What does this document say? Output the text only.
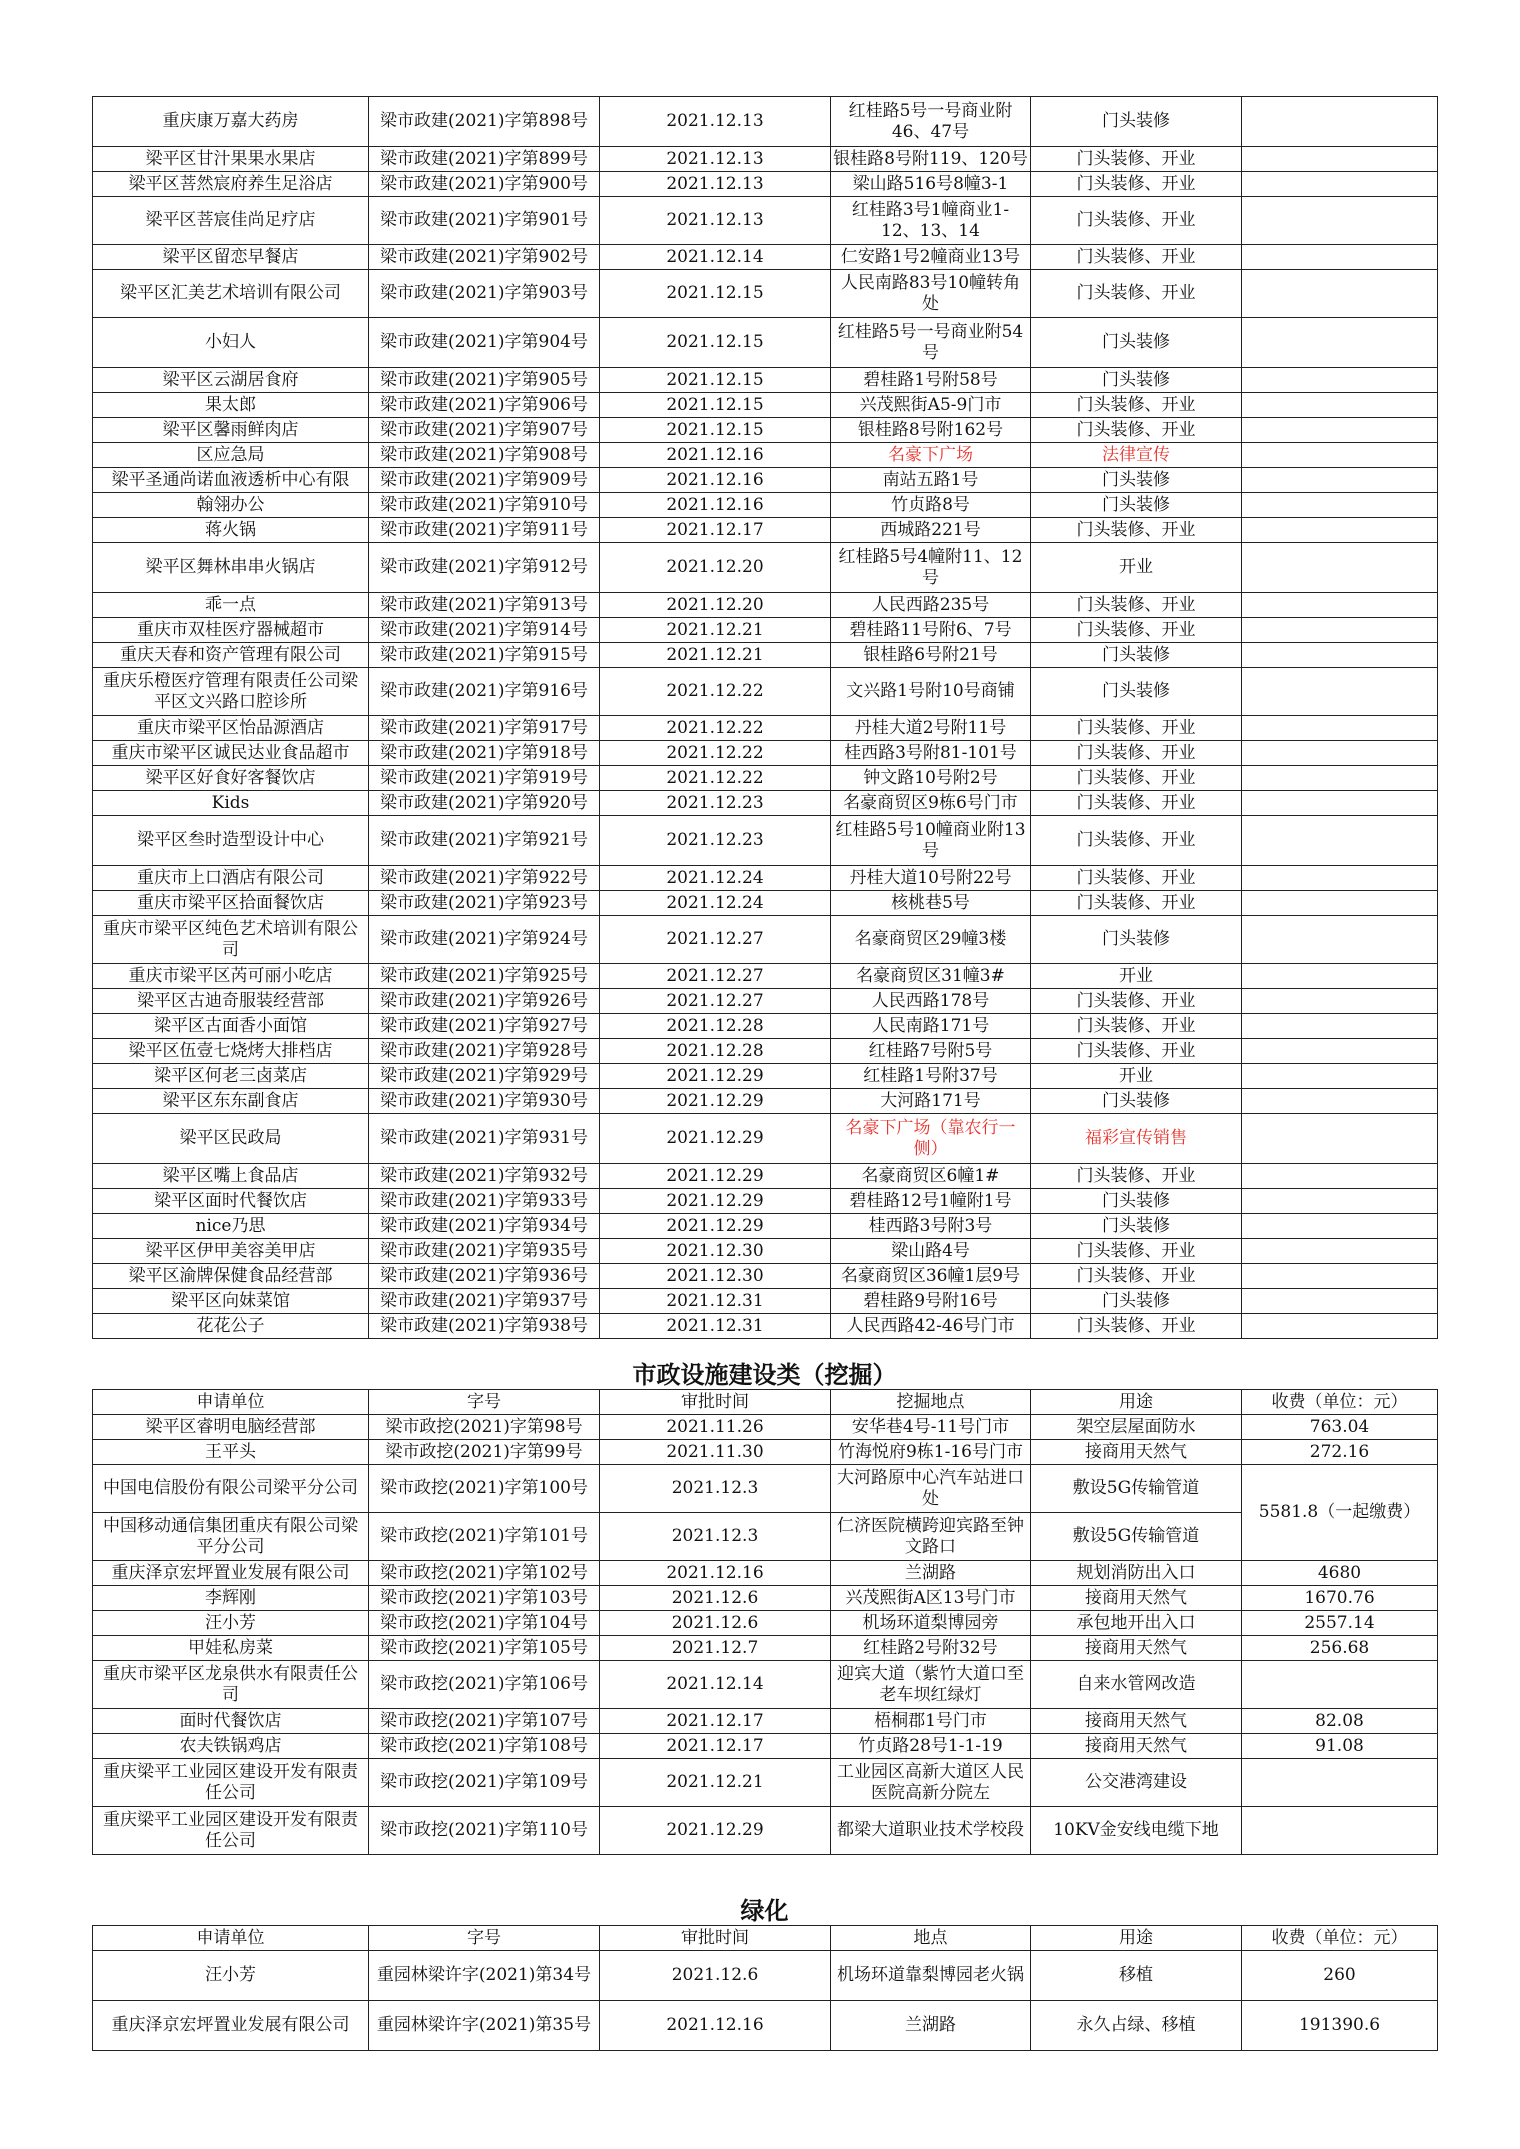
重庆康万嘉大药房	梁市政建(2021)字第898号	2021.12.13	红桂路5号一号商业附46、47号	门头装修	
梁平区甘汁果果水果店	梁市政建(2021)字第899号	2021.12.13	银桂路8号附119、120号	门头装修、开业	
梁平区菩然宸府养生足浴店	梁市政建(2021)字第900号	2021.12.13	梁山路516号8幢3-1	门头装修、开业	
梁平区菩宸佳尚足疗店	梁市政建(2021)字第901号	2021.12.13	红桂路3号1幢商业1-12、13、14	门头装修、开业	
梁平区留恋早餐店	梁市政建(2021)字第902号	2021.12.14	仁安路1号2幢商业13号	门头装修、开业	
梁平区汇美艺术培训有限公司	梁市政建(2021)字第903号	2021.12.15	人民南路83号10幢转角处	门头装修、开业	
小妇人	梁市政建(2021)字第904号	2021.12.15	红桂路5号一号商业附54号	门头装修	
梁平区云湖居食府	梁市政建(2021)字第905号	2021.12.15	碧桂路1号附58号	门头装修	
果太郎	梁市政建(2021)字第906号	2021.12.15	兴茂熙街A5-9门市	门头装修、开业	
梁平区馨雨鲜肉店	梁市政建(2021)字第907号	2021.12.15	银桂路8号附162号	门头装修、开业	
区应急局	梁市政建(2021)字第908号	2021.12.16	名豪下广场	法律宣传	
梁平圣通尚诺血液透析中心有限	梁市政建(2021)字第909号	2021.12.16	南站五路1号	门头装修	
翰翎办公	梁市政建(2021)字第910号	2021.12.16	竹贞路8号	门头装修	
蒋火锅	梁市政建(2021)字第911号	2021.12.17	西城路221号	门头装修、开业	
梁平区舞林串串火锅店	梁市政建(2021)字第912号	2021.12.20	红桂路5号4幢附11、12号	开业	
乖一点	梁市政建(2021)字第913号	2021.12.20	人民西路235号	门头装修、开业	
重庆市双桂医疗器械超市	梁市政建(2021)字第914号	2021.12.21	碧桂路11号附6、7号	门头装修、开业	
重庆天春和资产管理有限公司	梁市政建(2021)字第915号	2021.12.21	银桂路6号附21号	门头装修	
重庆乐橙医疗管理有限责任公司梁平区文兴路口腔诊所	梁市政建(2021)字第916号	2021.12.22	文兴路1号附10号商铺	门头装修	
重庆市梁平区怡品源酒店	梁市政建(2021)字第917号	2021.12.22	丹桂大道2号附11号	门头装修、开业	
重庆市梁平区诚民达业食品超市	梁市政建(2021)字第918号	2021.12.22	桂西路3号附81-101号	门头装修、开业	
梁平区好食好客餐饮店	梁市政建(2021)字第919号	2021.12.22	钟文路10号附2号	门头装修、开业	
Kids	梁市政建(2021)字第920号	2021.12.23	名豪商贸区9栋6号门市	门头装修、开业	
梁平区叁时造型设计中心	梁市政建(2021)字第921号	2021.12.23	红桂路5号10幢商业附13号	门头装修、开业	
重庆市上口酒店有限公司	梁市政建(2021)字第922号	2021.12.24	丹桂大道10号附22号	门头装修、开业	
重庆市梁平区拾面餐饮店	梁市政建(2021)字第923号	2021.12.24	核桃巷5号	门头装修、开业	
重庆市梁平区纯色艺术培训有限公司	梁市政建(2021)字第924号	2021.12.27	名豪商贸区29幢3楼	门头装修	
重庆市梁平区芮可丽小吃店	梁市政建(2021)字第925号	2021.12.27	名豪商贸区31幢3#	开业	
梁平区古迪奇服装经营部	梁市政建(2021)字第926号	2021.12.27	人民西路178号	门头装修、开业	
梁平区古面香小面馆	梁市政建(2021)字第927号	2021.12.28	人民南路171号	门头装修、开业	
梁平区伍壹七烧烤大排档店	梁市政建(2021)字第928号	2021.12.28	红桂路7号附5号	门头装修、开业	
梁平区何老三卤菜店	梁市政建(2021)字第929号	2021.12.29	红桂路1号附37号	开业	
梁平区东东副食店	梁市政建(2021)字第930号	2021.12.29	大河路171号	门头装修	
梁平区民政局	梁市政建(2021)字第931号	2021.12.29	名豪下广场（靠农行一侧）	福彩宣传销售	
梁平区嘴上食品店	梁市政建(2021)字第932号	2021.12.29	名豪商贸区6幢1#	门头装修、开业	
梁平区面时代餐饮店	梁市政建(2021)字第933号	2021.12.29	碧桂路12号1幢附1号	门头装修	
nice乃思	梁市政建(2021)字第934号	2021.12.29	桂西路3号附3号	门头装修	
梁平区伊甲美容美甲店	梁市政建(2021)字第935号	2021.12.30	梁山路4号	门头装修、开业	
梁平区渝牌保健食品经营部	梁市政建(2021)字第936号	2021.12.30	名豪商贸区36幢1层9号	门头装修、开业	
梁平区向妹菜馆	梁市政建(2021)字第937号	2021.12.31	碧桂路9号附16号	门头装修	
花花公子	梁市政建(2021)字第938号	2021.12.31	人民西路42-46号门市	门头装修、开业	
市政设施建设类（挖掘）
申请单位	字号	审批时间	挖掘地点	用途	收费（单位：元）
梁平区睿明电脑经营部	梁市政挖(2021)字第98号	2021.11.26	安华巷4号-11号门市	架空层屋面防水	763.04
王平头	梁市政挖(2021)字第99号	2021.11.30	竹海悦府9栋1-16号门市	接商用天然气	272.16
中国电信股份有限公司梁平分公司	梁市政挖(2021)字第100号	2021.12.3	大河路原中心汽车站进口处	敷设5G传输管道	5581.8（一起缴费）
中国移动通信集团重庆有限公司梁平分公司	梁市政挖(2021)字第101号	2021.12.3	仁济医院横跨迎宾路至钟文路口	敷设5G传输管道	
重庆泽京宏坪置业发展有限公司	梁市政挖(2021)字第102号	2021.12.16	兰湖路	规划消防出入口	4680
李辉刚	梁市政挖(2021)字第103号	2021.12.6	兴茂熙街A区13号门市	接商用天然气	1670.76
汪小芳	梁市政挖(2021)字第104号	2021.12.6	机场环道梨博园旁	承包地开出入口	2557.14
甲娃私房菜	梁市政挖(2021)字第105号	2021.12.7	红桂路2号附32号	接商用天然气	256.68
重庆市梁平区龙泉供水有限责任公司	梁市政挖(2021)字第106号	2021.12.14	迎宾大道（紫竹大道口至老车坝红绿灯	自来水管网改造	
面时代餐饮店	梁市政挖(2021)字第107号	2021.12.17	梧桐郡1号门市	接商用天然气	82.08
农夫铁锅鸡店	梁市政挖(2021)字第108号	2021.12.17	竹贞路28号1-1-19	接商用天然气	91.08
重庆梁平工业园区建设开发有限责任公司	梁市政挖(2021)字第109号	2021.12.21	工业园区高新大道区人民医院高新分院左	公交港湾建设	
重庆梁平工业园区建设开发有限责任公司	梁市政挖(2021)字第110号	2021.12.29	都梁大道职业技术学校段	10KV金安线电缆下地	
绿化
申请单位	字号	审批时间	地点	用途	收费（单位：元）
汪小芳	重园林梁许字(2021)第34号	2021.12.6	机场环道靠梨博园老火锅	移植	260
重庆泽京宏坪置业发展有限公司	重园林梁许字(2021)第35号	2021.12.16	兰湖路	永久占绿、移植	191390.6
